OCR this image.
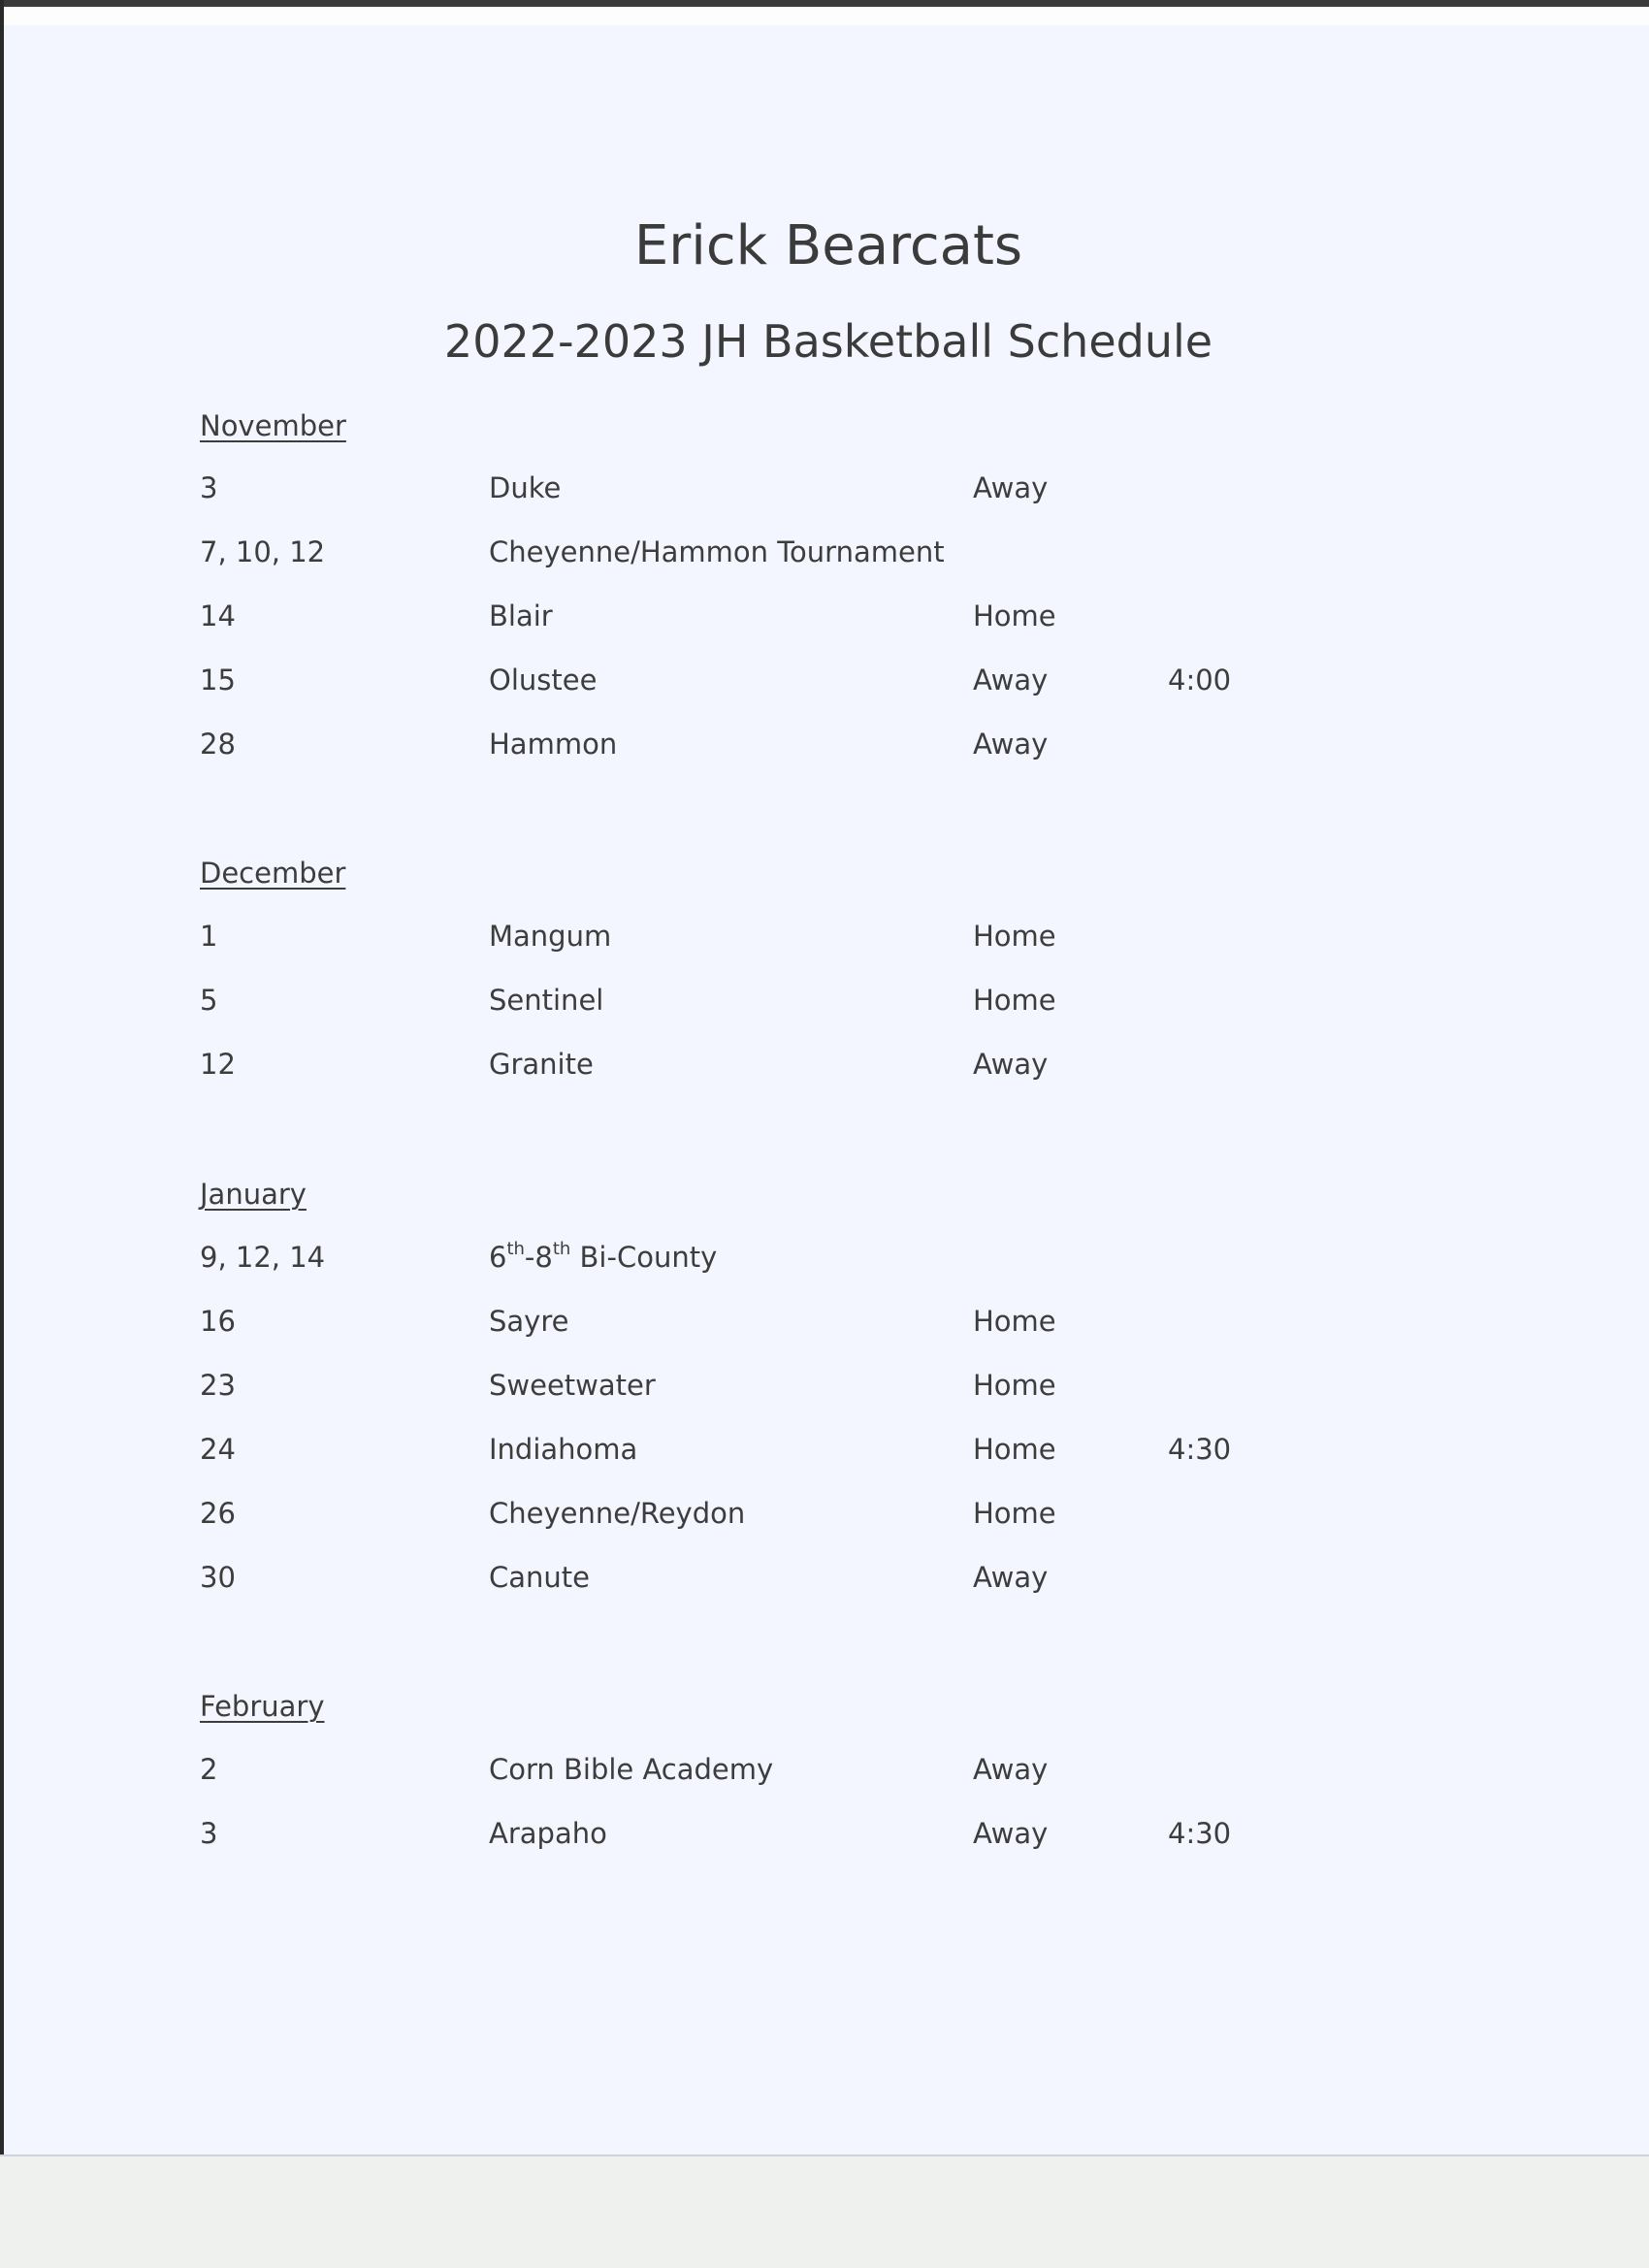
Erick Bearcats
2022-2023 JH Basketball Schedule
November
3	Duke	Away
7, 10, 12	Cheyenne/Hammon Tournament
14	Blair	Home
15	Olustee	Away	4:00
28	Hammon	Away
December
1	Mangum	Home
5	Sentinel	Home
12	Granite	Away
January
9, 12, 14	6th-8th Bi-County
16	Sayre	Home
23	Sweetwater	Home
24	Indiahoma	Home	4:30
26	Cheyenne/Reydon	Home
30	Canute	Away
February
2	Corn Bible Academy	Away
3	Arapaho	Away	4:30
